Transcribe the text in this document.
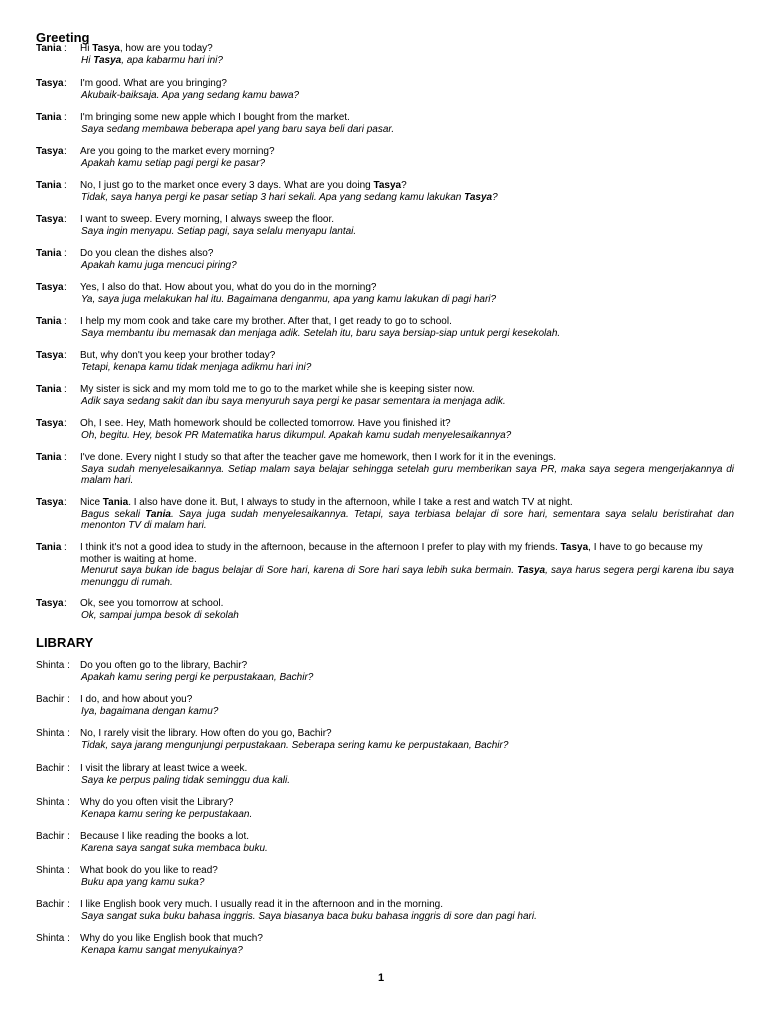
Greeting
Tania : Hi Tasya, how are you today?
Hi Tasya, apa kabarmu hari ini?
Tasya : I'm good. What are you bringing?
Akubaik-baiksaja. Apa yang sedang kamu bawa?
Tania : I'm bringing some new apple which I bought from the market.
Saya sedang membawa beberapa apel yang baru saya beli dari pasar.
Tasya : Are you going to the market every morning?
Apakah kamu setiap pagi pergi ke pasar?
Tania : No, I just go to the market once every 3 days. What are you doing Tasya?
Tidak, saya hanya pergi ke pasar setiap 3 hari sekali. Apa yang sedang kamu lakukan Tasya?
Tasya : I want to sweep. Every morning, I always sweep the floor.
Saya ingin menyapu. Setiap pagi, saya selalu menyapu lantai.
Tania : Do you clean the dishes also?
Apakah kamu juga mencuci piring?
Tasya : Yes, I also do that. How about you, what do you do in the morning?
Ya, saya juga melakukan hal itu. Bagaimana denganmu, apa yang kamu lakukan di pagi hari?
Tania : I help my mom cook and take care my brother. After that, I get ready to go to school.
Saya membantu ibu memasak dan menjaga adik. Setelah itu, baru saya bersiap-siap untuk pergi kesekolah.
Tasya : But, why don't you keep your brother today?
Tetapi, kenapa kamu tidak menjaga adikmu hari ini?
Tania : My sister is sick and my mom told me to go to the market while she is keeping sister now.
Adik saya sedang sakit dan ibu saya menyuruh saya pergi ke pasar sementara ia menjaga adik.
Tasya : Oh, I see. Hey, Math homework should be collected tomorrow. Have you finished it?
Oh, begitu. Hey, besok PR Matematika harus dikumpul. Apakah kamu sudah menyelesaikannya?
Tania : I've done. Every night I study so that after the teacher gave me homework, then I work for it in the evenings.
Saya sudah menyelesaikannya. Setiap malam saya belajar sehingga setelah guru memberikan saya PR, maka saya segera mengerjakannya di malam hari.
Tasya : Nice Tania. I also have done it. But, I always to study in the afternoon, while I take a rest and watch TV at night.
Bagus sekali Tania. Saya juga sudah menyelesaikannya. Tetapi, saya terbiasa belajar di sore hari, sementara saya selalu beristirahat dan menonton TV di malam hari.
Tania : I think it's not a good idea to study in the afternoon, because in the afternoon I prefer to play with my friends. Tasya, I have to go because my mother is waiting at home.
Menurut saya bukan ide bagus belajar di Sore hari, karena di Sore hari saya lebih suka bermain. Tasya, saya harus segera pergi karena ibu saya menunggu di rumah.
Tasya : Ok, see you tomorrow at school.
Ok, sampai jumpa besok di sekolah
LIBRARY
Shinta : Do you often go to the library, Bachir?
Apakah kamu sering pergi ke perpustakaan, Bachir?
Bachir : I do, and how about you?
Iya, bagaimana dengan kamu?
Shinta : No, I rarely visit the library. How often do you go, Bachir?
Tidak, saya jarang mengunjungi perpustakaan. Seberapa sering kamu ke perpustakaan, Bachir?
Bachir : I visit the library at least twice a week.
Saya ke perpus paling tidak seminggu dua kali.
Shinta : Why do you often visit the Library?
Kenapa kamu sering ke perpustakaan.
Bachir : Because I like reading the books a lot.
Karena saya sangat suka membaca buku.
Shinta : What book do you like to read?
Buku apa yang kamu suka?
Bachir : I like English book very much. I usually read it in the afternoon and in the morning.
Saya sangat suka buku bahasa inggris. Saya biasanya baca buku bahasa inggris di sore dan pagi hari.
Shinta : Why do you like English book that much?
Kenapa kamu sangat menyukainya?
1
